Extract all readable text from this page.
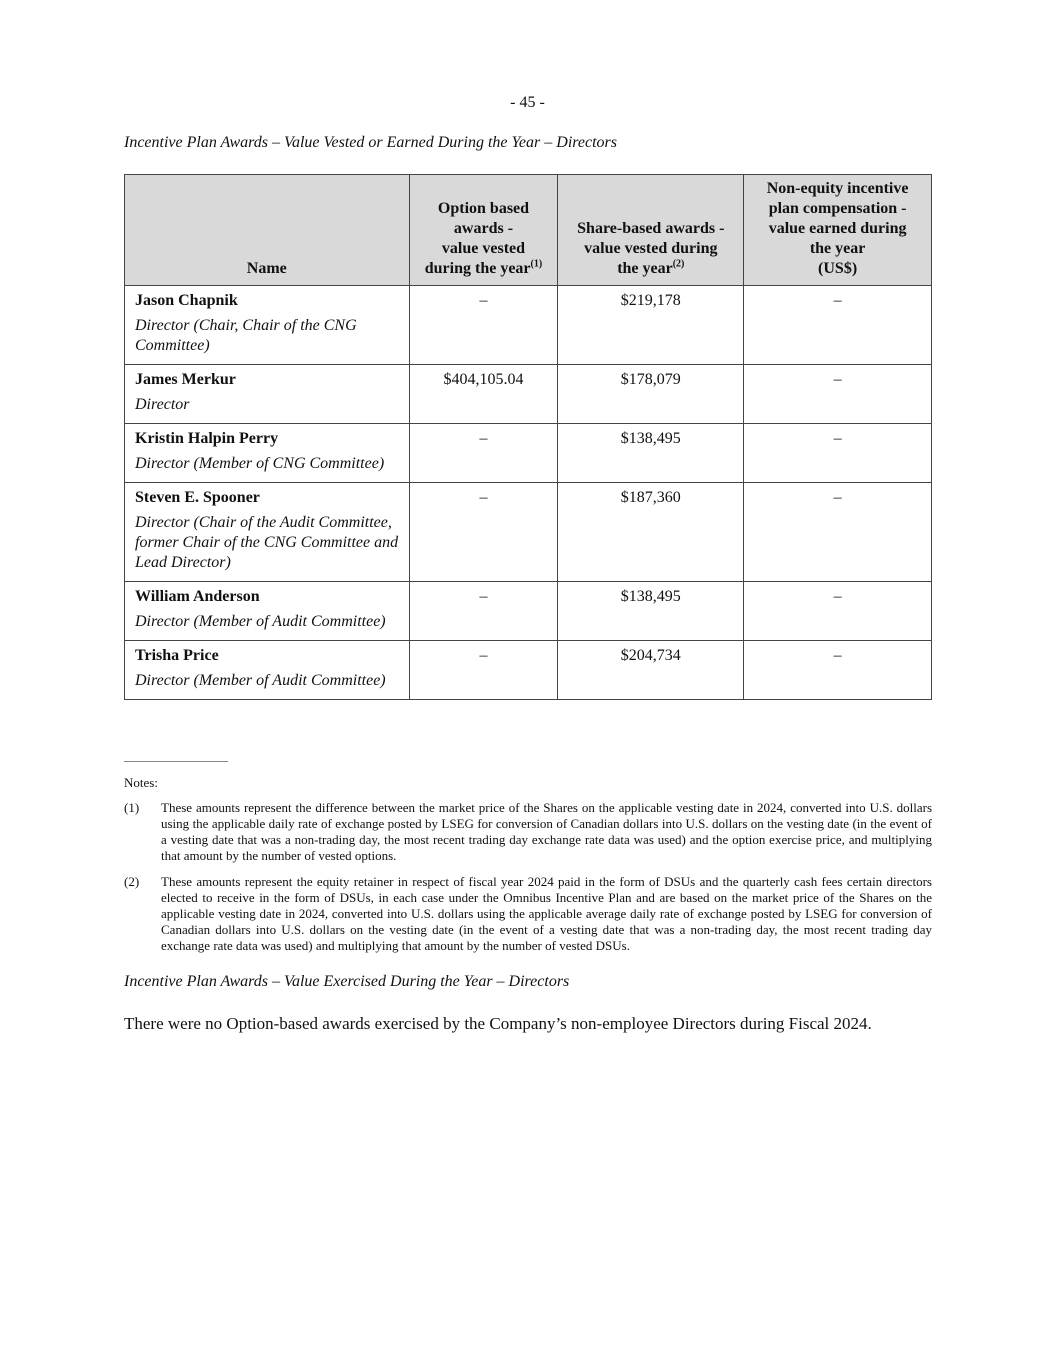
- 45 -
Incentive Plan Awards – Value Vested or Earned During the Year – Directors
Name	Option based
awards -
value vested
during the year$^{(1)}$	Share-based awards -
value vested during
the year$^{(2)}$	Non-equity incentive
plan compensation -
value earned during
the year
(US$)

Jason Chapnik
Director (Chair, Chair of the CNG Committee)	–	$219,178	–

James Merkur
Director	$404,105.04	$178,079	–

Kristin Halpin Perry
Director (Member of CNG Committee)	–	$138,495	–

Steven E. Spooner
Director (Chair of the Audit Committee, former Chair of the CNG Committee and Lead Director)	–	$187,360	–

William Anderson
Director (Member of Audit Committee)	–	$138,495	–

Trisha Price
Director (Member of Audit Committee)	–	$204,734	–
Notes:
(1) These amounts represent the difference between the market price of the Shares on the applicable vesting date in 2024, converted into U.S. dollars using the applicable daily rate of exchange posted by LSEG for conversion of Canadian dollars into U.S. dollars on the vesting date (in the event of a vesting date that was a non-trading day, the most recent trading day exchange rate data was used) and the option exercise price, and multiplying that amount by the number of vested options.
(2) These amounts represent the equity retainer in respect of fiscal year 2024 paid in the form of DSUs and the quarterly cash fees certain directors elected to receive in the form of DSUs, in each case under the Omnibus Incentive Plan and are based on the market price of the Shares on the applicable vesting date in 2024, converted into U.S. dollars using the applicable average daily rate of exchange posted by LSEG for conversion of Canadian dollars into U.S. dollars on the vesting date (in the event of a vesting date that was a non-trading day, the most recent trading day exchange rate data was used) and multiplying that amount by the number of vested DSUs.
Incentive Plan Awards – Value Exercised During the Year – Directors
There were no Option-based awards exercised by the Company’s non-employee Directors during Fiscal 2024.
